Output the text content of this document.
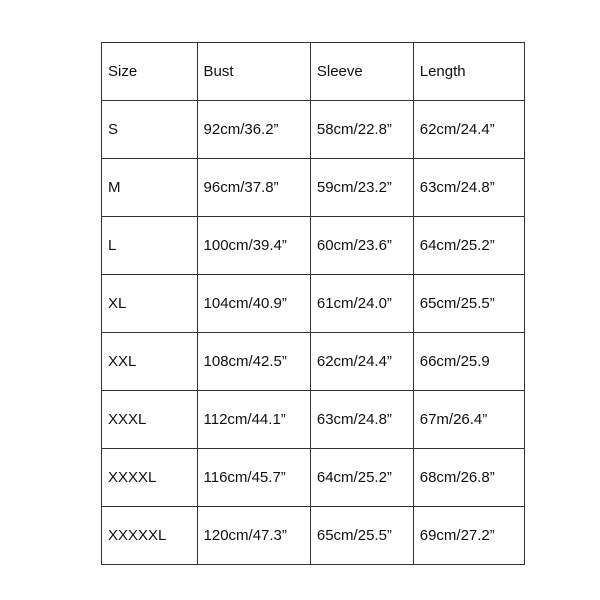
Size	Bust	Sleeve	Length
S	92cm/36.2”	58cm/22.8”	62cm/24.4”
M	96cm/37.8”	59cm/23.2”	63cm/24.8”
L	100cm/39.4”	60cm/23.6”	64cm/25.2”
XL	104cm/40.9”	61cm/24.0”	65cm/25.5”
XXL	108cm/42.5”	62cm/24.4”	66cm/25.9
XXXL	112cm/44.1”	63cm/24.8”	67m/26.4”
XXXXL	116cm/45.7”	64cm/25.2”	68cm/26.8”
XXXXXL	120cm/47.3”	65cm/25.5”	69cm/27.2”
